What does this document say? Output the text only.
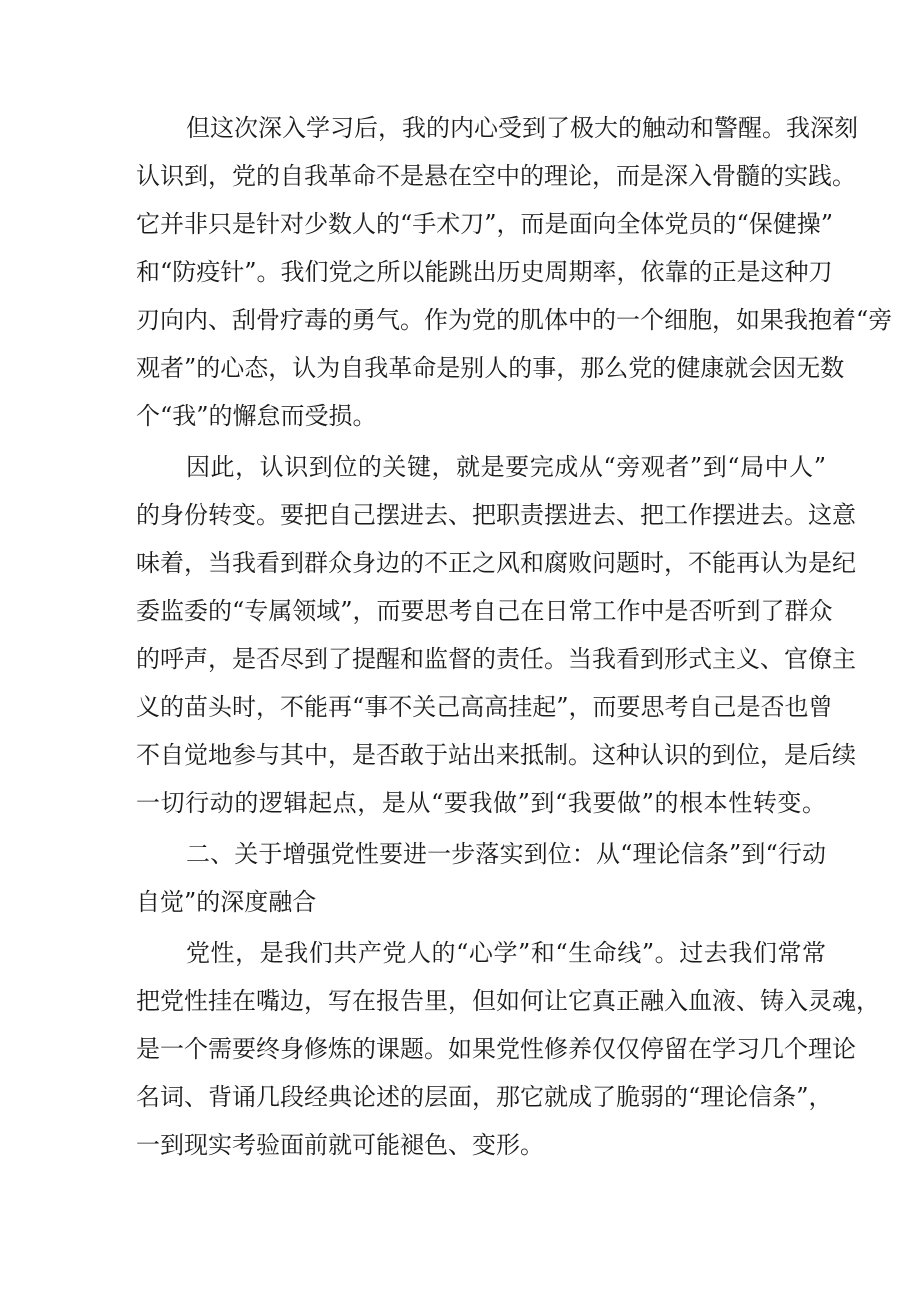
但这次深入学习后，我的内心受到了极大的触动和警醒。我深刻
认识到，党的自我革命不是悬在空中的理论，而是深入骨髓的实践。
它并非只是针对少数人的“手术刀”，而是面向全体党员的“保健操”
和“防疫针”。我们党之所以能跳出历史周期率，依靠的正是这种刀
刃向内、刮骨疗毒的勇气。作为党的肌体中的一个细胞，如果我抱着“旁
观者”的心态，认为自我革命是别人的事，那么党的健康就会因无数
个“我”的懈怠而受损。
因此，认识到位的关键，就是要完成从“旁观者”到“局中人”
的身份转变。要把自己摆进去、把职责摆进去、把工作摆进去。这意
味着，当我看到群众身边的不正之风和腐败问题时，不能再认为是纪
委监委的“专属领域”，而要思考自己在日常工作中是否听到了群众
的呼声，是否尽到了提醒和监督的责任。当我看到形式主义、官僚主
义的苗头时，不能再“事不关己高高挂起”，而要思考自己是否也曾
不自觉地参与其中，是否敢于站出来抵制。这种认识的到位，是后续
一切行动的逻辑起点，是从“要我做”到“我要做”的根本性转变。
二、关于增强党性要进一步落实到位：从“理论信条”到“行动
自觉”的深度融合
党性，是我们共产党人的“心学”和“生命线”。过去我们常常
把党性挂在嘴边，写在报告里，但如何让它真正融入血液、铸入灵魂，
是一个需要终身修炼的课题。如果党性修养仅仅停留在学习几个理论
名词、背诵几段经典论述的层面，那它就成了脆弱的“理论信条”，
一到现实考验面前就可能褪色、变形。
